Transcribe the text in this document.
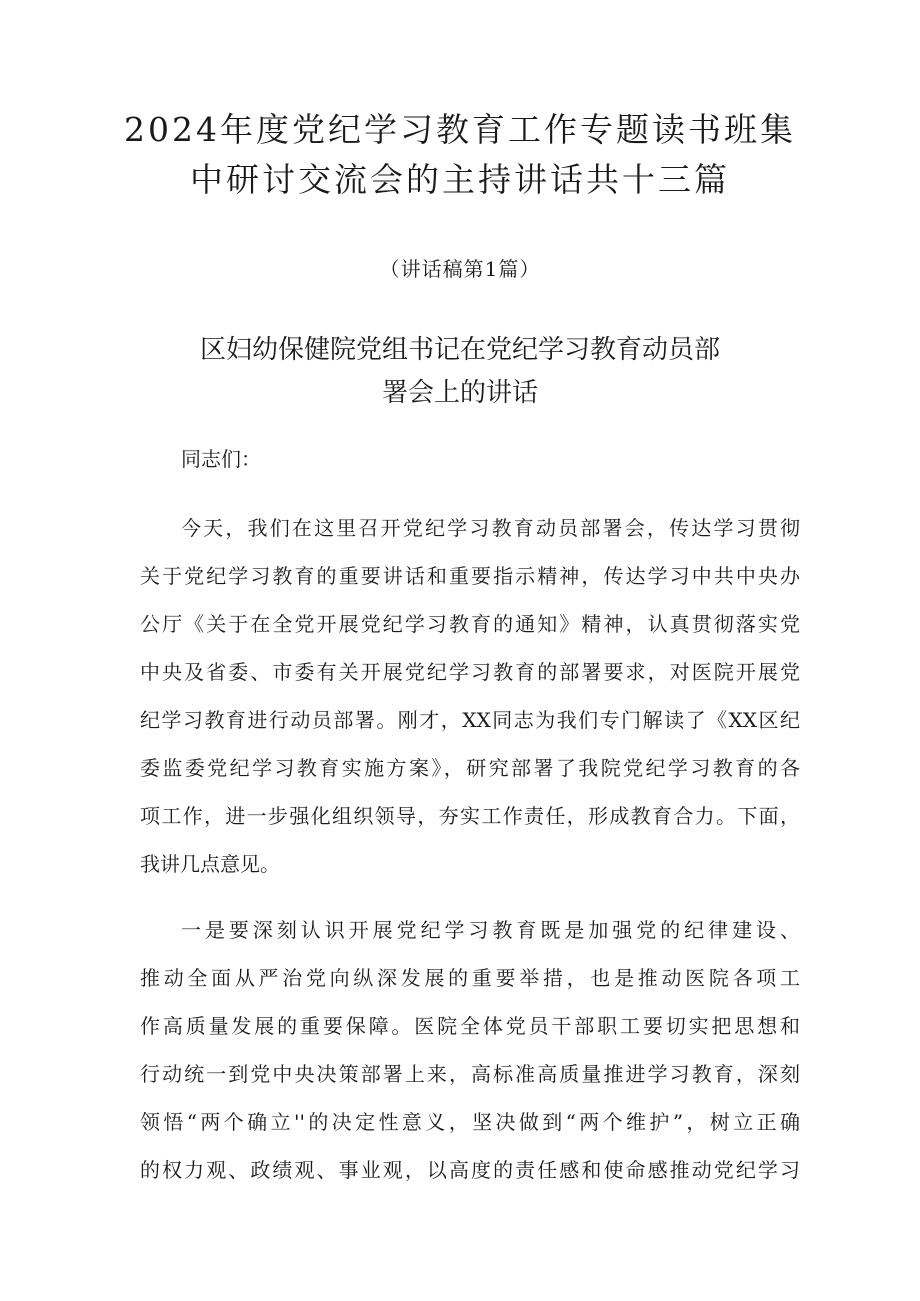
2024年度党纪学习教育工作专题读书班集
中研讨交流会的主持讲话共十三篇
（讲话稿第1篇）
区妇幼保健院党组书记在党纪学习教育动员部
署会上的讲话
同志们：
今天，我们在这里召开党纪学习教育动员部署会，传达学习贯彻
关于党纪学习教育的重要讲话和重要指示精神，传达学习中共中央办
公厅《关于在全党开展党纪学习教育的通知》精神，认真贯彻落实党
中央及省委、市委有关开展党纪学习教育的部署要求，对医院开展党
纪学习教育进行动员部署。刚才，XX同志为我们专门解读了《XX区纪
委监委党纪学习教育实施方案》，研究部署了我院党纪学习教育的各
项工作，进一步强化组织领导，夯实工作责任，形成教育合力。下面，
我讲几点意见。
一是要深刻认识开展党纪学习教育既是加强党的纪律建设、
推动全面从严治党向纵深发展的重要举措，也是推动医院各项工
作高质量发展的重要保障。医院全体党员干部职工要切实把思想和
行动统一到党中央决策部署上来，高标准高质量推进学习教育，深刻
领悟“两个确立''的决定性意义，坚决做到“两个维护”，树立正确
的权力观、政绩观、事业观，以高度的责任感和使命感推动党纪学习
